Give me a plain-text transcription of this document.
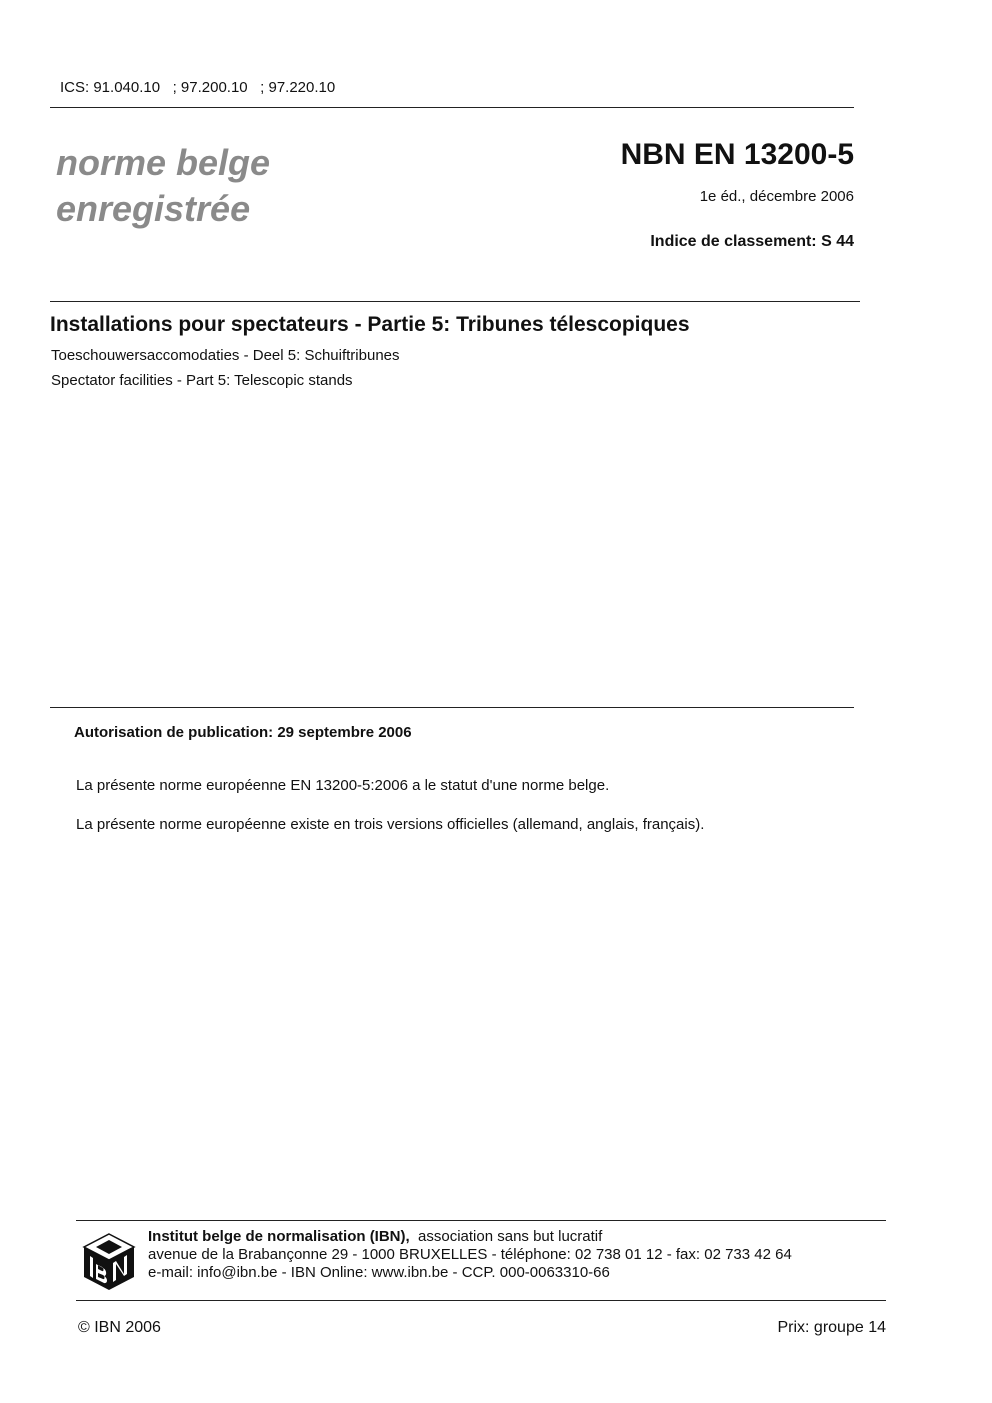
ICS: 91.040.10   ; 97.200.10   ; 97.220.10
norme belge
enregistrée
NBN EN 13200-5
1e éd., décembre 2006
Indice de classement: S 44
Installations pour spectateurs - Partie 5: Tribunes télescopiques
Toeschouwersaccomodaties - Deel 5: Schuiftribunes
Spectator facilities - Part 5: Telescopic stands
Autorisation de publication: 29 septembre 2006
La présente norme européenne EN 13200-5:2006 a le statut d'une norme belge.
La présente norme européenne existe en trois versions officielles (allemand, anglais, français).
Institut belge de normalisation (IBN), association sans but lucratif
avenue de la Brabançonne 29 - 1000 BRUXELLES - téléphone: 02 738 01 12 - fax: 02 733 42 64
e-mail: info@ibn.be - IBN Online: www.ibn.be - CCP. 000-0063310-66
© IBN 2006	Prix: groupe 14
